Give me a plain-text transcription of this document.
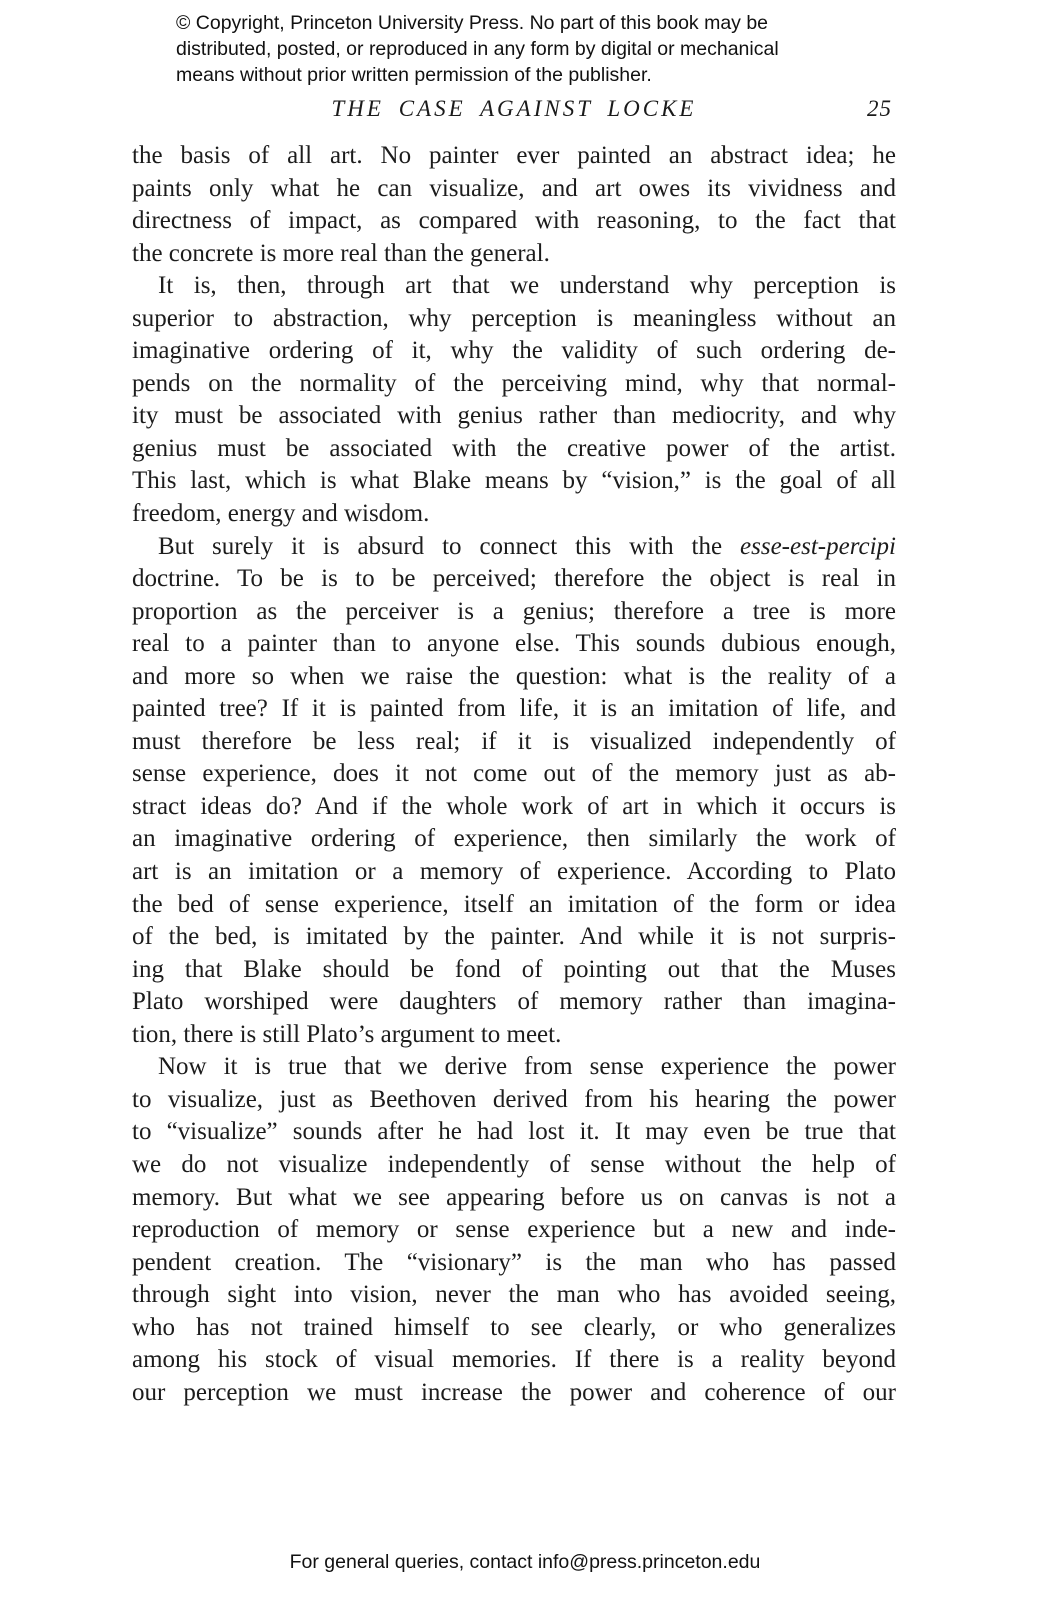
© Copyright, Princeton University Press. No part of this book may be
distributed, posted, or reproduced in any form by digital or mechanical
means without prior written permission of the publisher.
THE CASE AGAINST LOCKE	25

the basis of all art. No painter ever painted an abstract idea; he
paints only what he can visualize, and art owes its vividness and
directness of impact, as compared with reasoning, to the fact that
the concrete is more real than the general.

It is, then, through art that we understand why perception is
superior to abstraction, why perception is meaningless without an
imaginative ordering of it, why the validity of such ordering de-
pends on the normality of the perceiving mind, why that normal-
ity must be associated with genius rather than mediocrity, and why
genius must be associated with the creative power of the artist.
This last, which is what Blake means by “vision,” is the goal of all
freedom, energy and wisdom.

But surely it is absurd to connect this with the esse-est-percipi
doctrine. To be is to be perceived; therefore the object is real in
proportion as the perceiver is a genius; therefore a tree is more
real to a painter than to anyone else. This sounds dubious enough,
and more so when we raise the question: what is the reality of a
painted tree? If it is painted from life, it is an imitation of life, and
must therefore be less real; if it is visualized independently of
sense experience, does it not come out of the memory just as ab-
stract ideas do? And if the whole work of art in which it occurs is
an imaginative ordering of experience, then similarly the work of
art is an imitation or a memory of experience. According to Plato
the bed of sense experience, itself an imitation of the form or idea
of the bed, is imitated by the painter. And while it is not surpris-
ing that Blake should be fond of pointing out that the Muses
Plato worshiped were daughters of memory rather than imagina-
tion, there is still Plato’s argument to meet.

Now it is true that we derive from sense experience the power
to visualize, just as Beethoven derived from his hearing the power
to “visualize” sounds after he had lost it. It may even be true that
we do not visualize independently of sense without the help of
memory. But what we see appearing before us on canvas is not a
reproduction of memory or sense experience but a new and inde-
pendent creation. The “visionary” is the man who has passed
through sight into vision, never the man who has avoided seeing,
who has not trained himself to see clearly, or who generalizes
among his stock of visual memories. If there is a reality beyond
our perception we must increase the power and coherence of our

For general queries, contact info@press.princeton.edu
